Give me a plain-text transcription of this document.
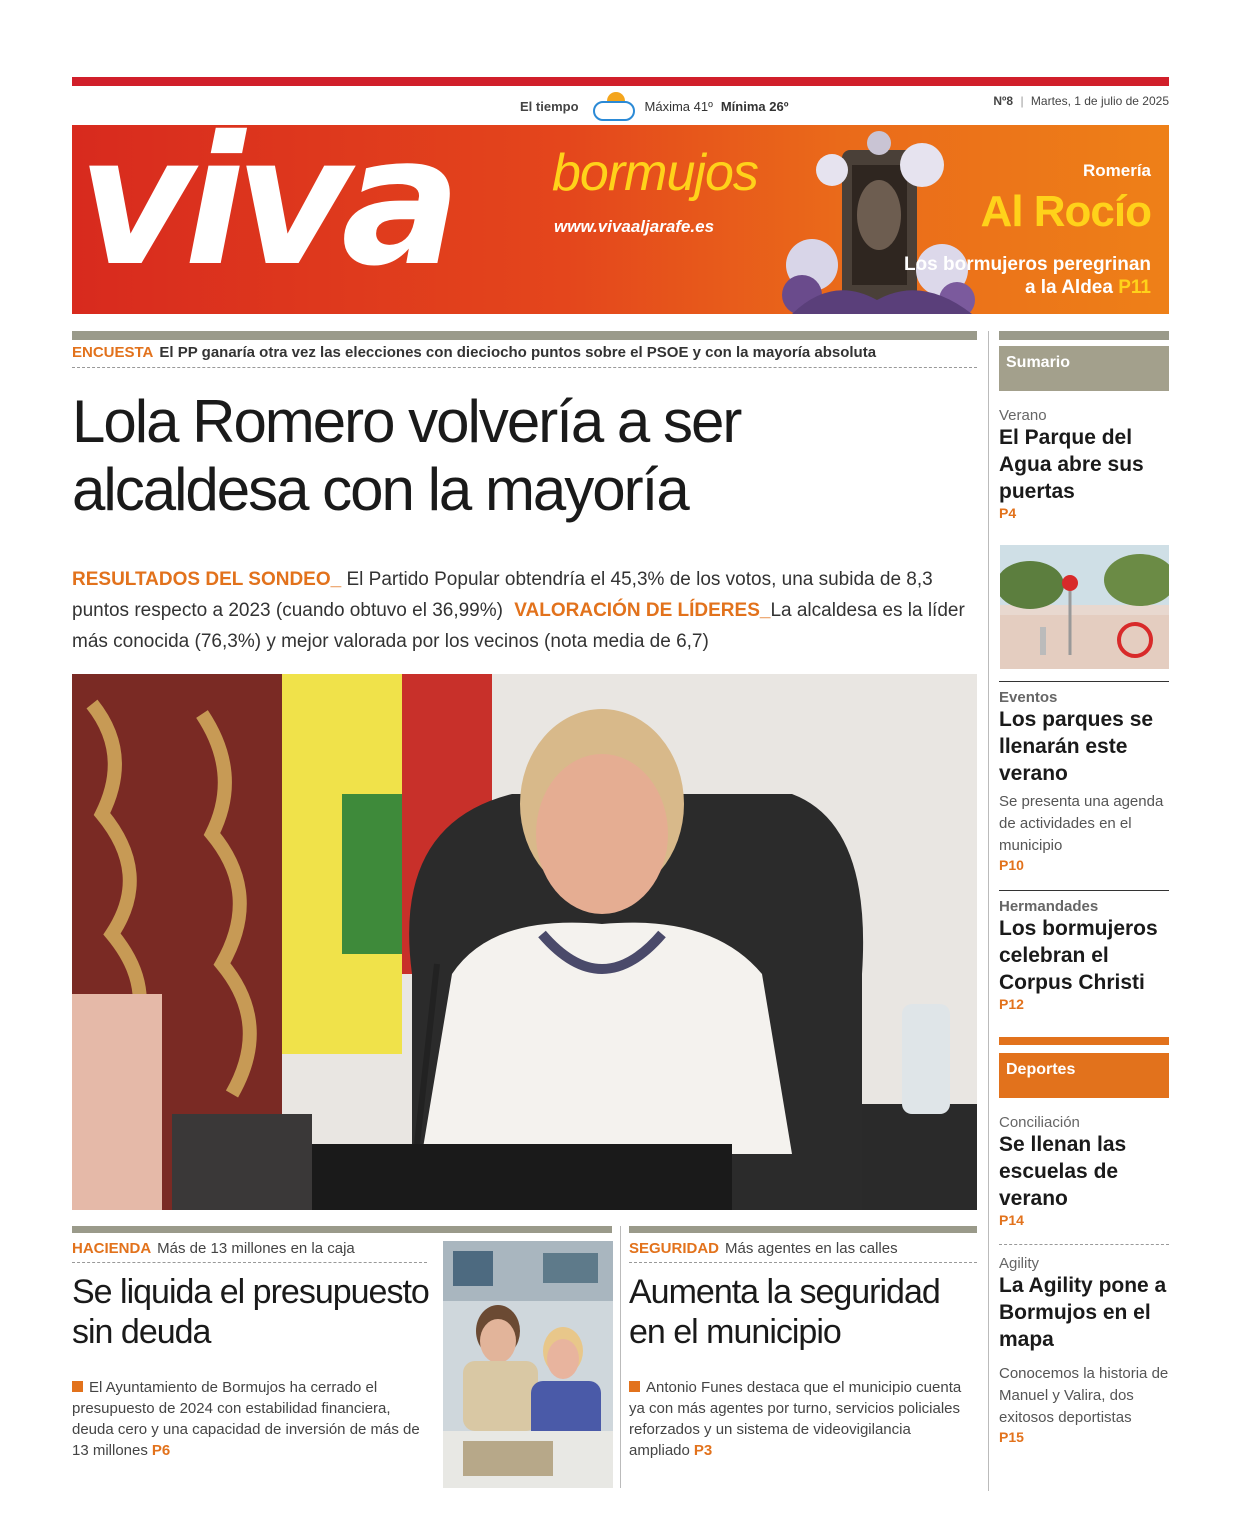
El tiempo	Máxima 41º Mínima 26º	Nº8 | Martes, 1 de julio de 2025
viva bormujos
www.vivaaljarafe.es
Romería
Al Rocío
Los bormujeros peregrinan a la Aldea P11
ENCUESTA El PP ganaría otra vez las elecciones con dieciocho puntos sobre el PSOE y con la mayoría absoluta
Lola Romero volvería a ser alcaldesa con la mayoría
RESULTADOS DEL SONDEO_ El Partido Popular obtendría el 45,3% de los votos, una subida de 8,3 puntos respecto a 2023 (cuando obtuvo el 36,99%) VALORACIÓN DE LÍDERES_La alcaldesa es la líder más conocida (76,3%) y mejor valorada por los vecinos (nota media de 6,7)
HACIENDA Más de 13 millones en la caja
Se liquida el presupuesto sin deuda
El Ayuntamiento de Bormujos ha cerrado el presupuesto de 2024 con estabilidad financiera, deuda cero y una capacidad de inversión de más de 13 millones P6
SEGURIDAD Más agentes en las calles
Aumenta la seguridad en el municipio
Antonio Funes destaca que el municipio cuenta ya con más agentes por turno, servicios policiales reforzados y un sistema de videovigilancia ampliado P3
Sumario
Verano
El Parque del Agua abre sus puertas
P4
Eventos
Los parques se llenarán este verano
Se presenta una agenda de actividades en el municipio
P10
Hermandades
Los bormujeros celebran el Corpus Christi
P12
Deportes
Conciliación
Se llenan las escuelas de verano
P14
Agility
La Agility pone a Bormujos en el mapa
Conocemos la historia de Manuel y Valira, dos exitosos deportistas
P15
